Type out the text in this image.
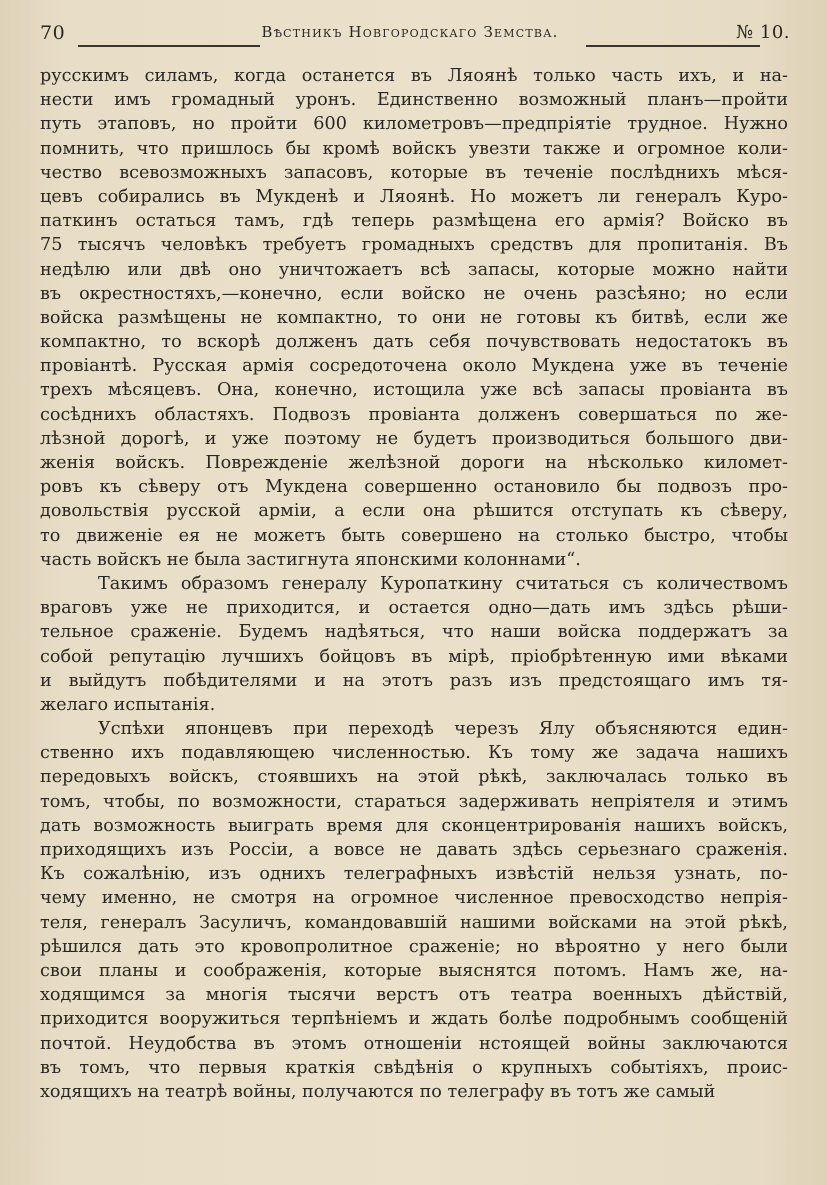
70	Вѣстникъ Новгородскаго Земства.	№ 10.
русскимъ силамъ, когда останется въ Ляоянѣ только часть ихъ, и на-
нести имъ громадный уронъ. Единственно возможный планъ—пройти
путь этаповъ, но пройти 600 километровъ—предпріятіе трудное. Нужно
помнить, что пришлось бы кромѣ войскъ увезти также и огромное коли-
чество всевозможныхъ запасовъ, которые въ теченіе послѣднихъ мѣся-
цевъ собирались въ Мукденѣ и Ляоянѣ. Но можетъ ли генералъ Куро-
паткинъ остаться тамъ, гдѣ теперь размѣщена его армія? Войско въ
75 тысячъ человѣкъ требуетъ громадныхъ средствъ для пропитанія. Въ
недѣлю или двѣ оно уничтожаетъ всѣ запасы, которые можно найти
въ окрестностяхъ,—конечно, если войско не очень разсѣяно; но если
войска размѣщены не компактно, то они не готовы къ битвѣ, если же
компактно, то вскорѣ долженъ дать себя почувствовать недостатокъ въ
провіантѣ. Русская армія сосредоточена около Мукдена уже въ теченіе
трехъ мѣсяцевъ. Она, конечно, истощила уже всѣ запасы провіанта въ
сосѣднихъ областяхъ. Подвозъ провіанта долженъ совершаться по же-
лѣзной дорогѣ, и уже поэтому не будетъ производиться большого дви-
женія войскъ. Поврежденіе желѣзной дороги на нѣсколько километ-
ровъ къ сѣверу отъ Мукдена совершенно остановило бы подвозъ про-
довольствія русской арміи, а если она рѣшится отступать къ сѣверу,
то движеніе ея не можетъ быть совершено на столько быстро, чтобы
часть войскъ не была застигнута японскими колоннами“.
Такимъ образомъ генералу Куропаткину считаться съ количествомъ
враговъ уже не приходится, и остается одно—дать имъ здѣсь рѣши-
тельное сраженіе. Будемъ надѣяться, что наши войска поддержатъ за
собой репутацію лучшихъ бойцовъ въ мірѣ, пріобрѣтенную ими вѣками
и выйдутъ побѣдителями и на этотъ разъ изъ предстоящаго имъ тя-
желаго испытанія.
Успѣхи японцевъ при переходѣ черезъ Ялу объясняются един-
ственно ихъ подавляющею численностью. Къ тому же задача нашихъ
передовыхъ войскъ, стоявшихъ на этой рѣкѣ, заключалась только въ
томъ, чтобы, по возможности, стараться задерживать непріятеля и этимъ
дать возможность выиграть время для сконцентрированія нашихъ войскъ,
приходящихъ изъ Россіи, а вовсе не давать здѣсь серьезнаго сраженія.
Къ сожалѣнію, изъ однихъ телеграфныхъ извѣстій нельзя узнать, по-
чему именно, не смотря на огромное численное превосходство непрія-
теля, генералъ Засуличъ, командовавшій нашими войсками на этой рѣкѣ,
рѣшился дать это кровопролитное сраженіе; но вѣроятно у него были
свои планы и соображенія, которые выяснятся потомъ. Намъ же, на-
ходящимся за многія тысячи верстъ отъ театра военныхъ дѣйствій,
приходится вооружиться терпѣніемъ и ждать болѣе подробнымъ сообщеній
почтой. Неудобства въ этомъ отношеніи нстоящей войны заключаются
въ томъ, что первыя краткія свѣдѣнія о крупныхъ событіяхъ, проис-
ходящихъ на театрѣ войны, получаются по телеграфу въ тотъ же самый
